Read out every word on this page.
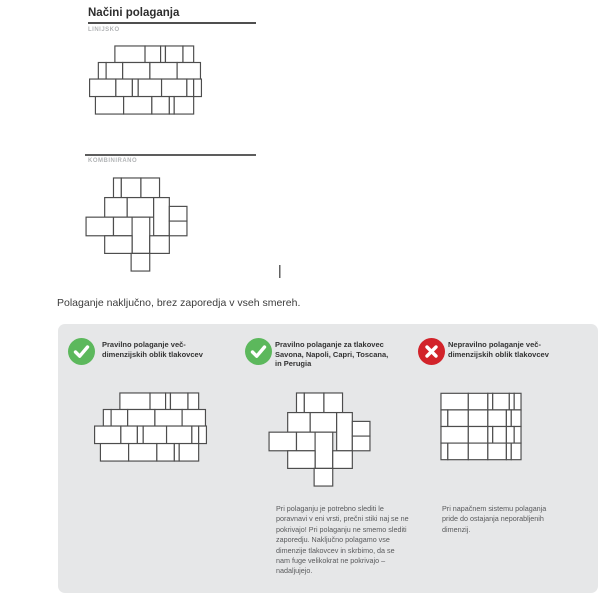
Načini polaganja
LINIJSKO
KOMBINIRANO
|

Polaganje naključno, brez zaporedja v vseh smereh.

Pravilno polaganje več-
dimenzijskih oblik tlakovcev
Pravilno polaganje za tlakovec
Savona, Napoli, Capri, Toscana,
in Perugia

Pri polaganju je potrebno slediti le poravnavi v eni vrsti, prečni stiki naj se ne pokrivajo! Pri polaganju ne smemo slediti zaporedju. Naključno polagamo vse dimenzije tlakovcev in skrbimo, da se nam fuge velikokrat ne pokrivajo – nadaljujejo.

Nepravilno polaganje več-
dimenzijskih oblik tlakovcev

Pri napačnem sistemu polaganja pride do ostajanja neporabljenih dimenzij.
